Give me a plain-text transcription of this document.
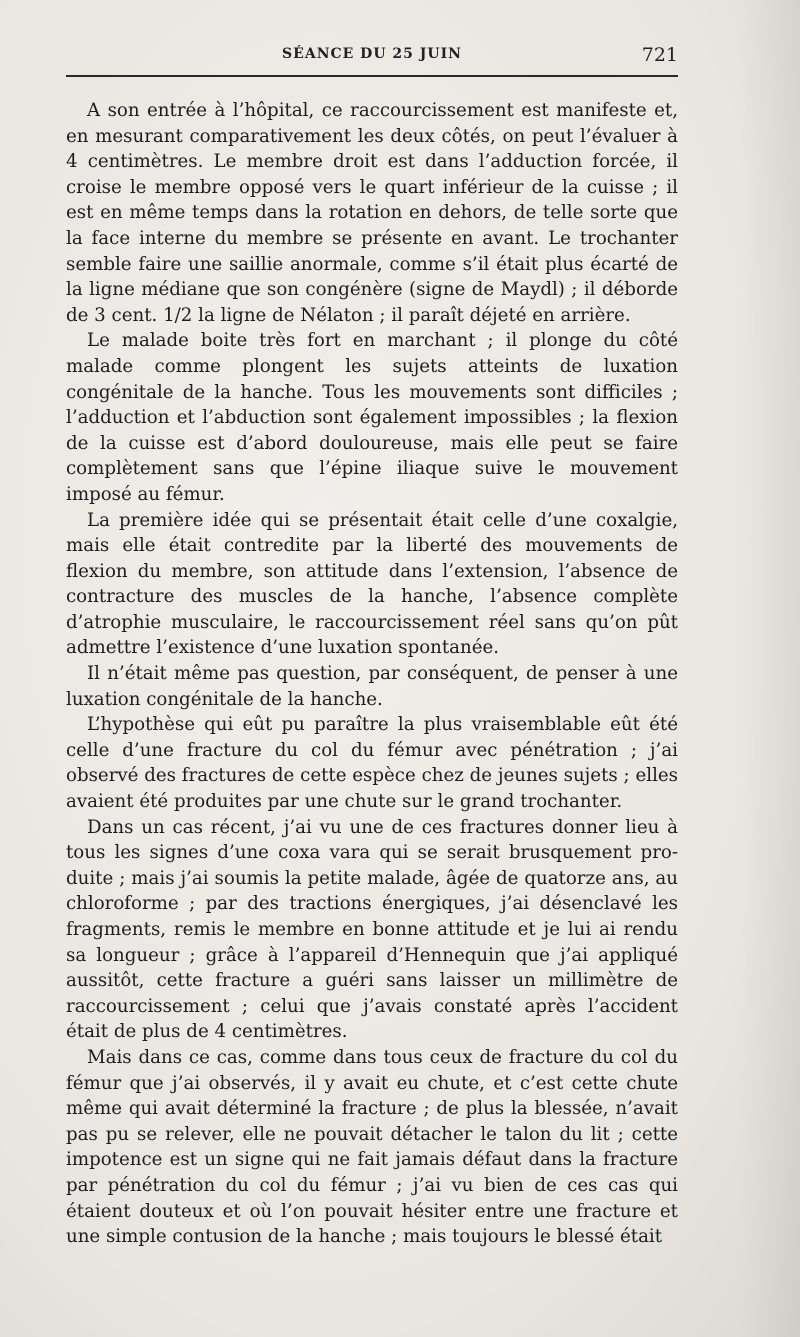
SÉANCE DU 25 JUIN	721

A son entrée à l’hôpital, ce raccourcissement est manifeste et, en mesurant comparativement les deux côtés, on peut l’évaluer à 4 centimètres. Le membre droit est dans l’adduction forcée, il croise le membre opposé vers le quart inférieur de la cuisse ; il est en même temps dans la rotation en dehors, de telle sorte que la face interne du membre se présente en avant. Le trochanter semble faire une saillie anormale, comme s’il était plus écarté de la ligne médiane que son congénère (signe de Maydl) ; il déborde de 3 cent. 1/2 la ligne de Nélaton ; il paraît déjeté en arrière.

Le malade boite très fort en marchant ; il plonge du côté malade comme plongent les sujets atteints de luxation congénitale de la hanche. Tous les mouvements sont difficiles ; l’adduction et l’abduction sont également impossibles ; la flexion de la cuisse est d’abord douloureuse, mais elle peut se faire complètement sans que l’épine iliaque suive le mouvement imposé au fémur.

La première idée qui se présentait était celle d’une coxalgie, mais elle était contredite par la liberté des mouvements de flexion du membre, son attitude dans l’extension, l’absence de contracture des muscles de la hanche, l’absence complète d’atrophie musculaire, le raccourcissement réel sans qu’on pût admettre l’existence d’une luxation spontanée.

Il n’était même pas question, par conséquent, de penser à une luxation congénitale de la hanche.

L’hypothèse qui eût pu paraître la plus vraisemblable eût été celle d’une fracture du col du fémur avec pénétration ; j’ai observé des fractures de cette espèce chez de jeunes sujets ; elles avaient été produites par une chute sur le grand trochanter.

Dans un cas récent, j’ai vu une de ces fractures donner lieu à tous les signes d’une coxa vara qui se serait brusquement produite ; mais j’ai soumis la petite malade, âgée de quatorze ans, au chloroforme ; par des tractions énergiques, j’ai désenclavé les fragments, remis le membre en bonne attitude et je lui ai rendu sa longueur ; grâce à l’appareil d’Hennequin que j’ai appliqué aussitôt, cette fracture a guéri sans laisser un millimètre de raccourcissement ; celui que j’avais constaté après l’accident était de plus de 4 centimètres.

Mais dans ce cas, comme dans tous ceux de fracture du col du fémur que j’ai observés, il y avait eu chute, et c’est cette chute même qui avait déterminé la fracture ; de plus la blessée, n’avait pas pu se relever, elle ne pouvait détacher le talon du lit ; cette impotence est un signe qui ne fait jamais défaut dans la fracture par pénétration du col du fémur ; j’ai vu bien de ces cas qui étaient douteux et où l’on pouvait hésiter entre une fracture et une simple contusion de la hanche ; mais toujours le blessé était
